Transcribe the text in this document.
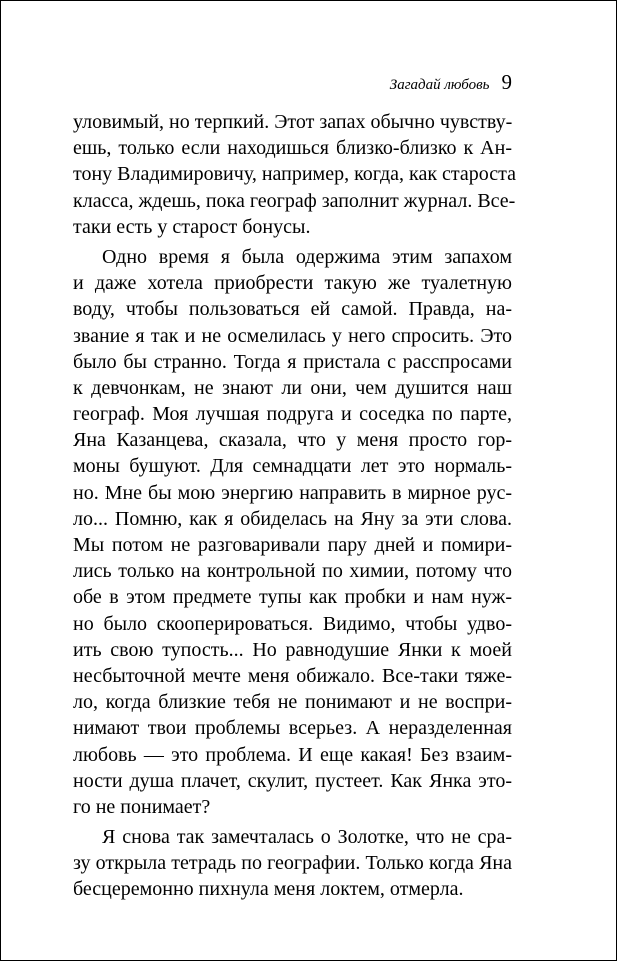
Загадай любовь 9
уловимый, но терпкий. Этот запах обычно чувству-
ешь, только если находишься близко-близко к Ан-
тону Владимировичу, например, когда, как староста
класса, ждешь, пока географ заполнит журнал. Все-
таки есть у старост бонусы.
Одно время я была одержима этим запахом
и даже хотела приобрести такую же туалетную
воду, чтобы пользоваться ей самой. Правда, на-
звание я так и не осмелилась у него спросить. Это
было бы странно. Тогда я пристала с расспросами
к девчонкам, не знают ли они, чем душится наш
географ. Моя лучшая подруга и соседка по парте,
Яна Казанцева, сказала, что у меня просто гор-
моны бушуют. Для семнадцати лет это нормаль-
но. Мне бы мою энергию направить в мирное рус-
ло... Помню, как я обиделась на Яну за эти слова.
Мы потом не разговаривали пару дней и помири-
лись только на контрольной по химии, потому что
обе в этом предмете тупы как пробки и нам нуж-
но было скооперироваться. Видимо, чтобы удво-
ить свою тупость... Но равнодушие Янки к моей
несбыточной мечте меня обижало. Все-таки тяже-
ло, когда близкие тебя не понимают и не воспри-
нимают твои проблемы всерьез. А неразделенная
любовь — это проблема. И еще какая! Без взаим-
ности душа плачет, скулит, пустеет. Как Янка это-
го не понимает?
Я снова так замечталась о Золотке, что не сра-
зу открыла тетрадь по географии. Только когда Яна
бесцеремонно пихнула меня локтем, отмерла.
